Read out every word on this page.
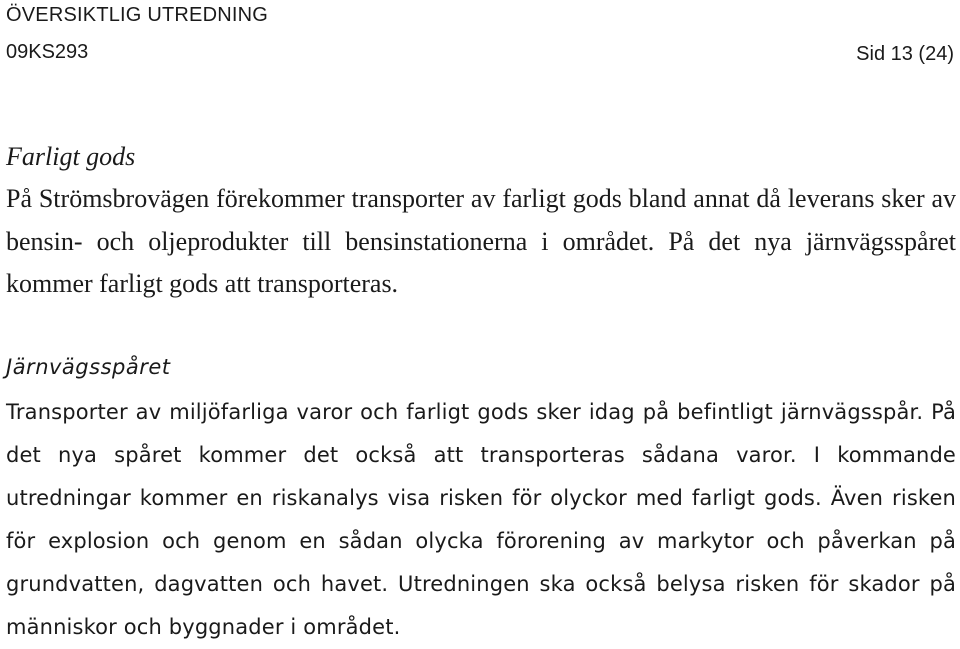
ÖVERSIKTLIG UTREDNING
09KS293	Sid 13 (24)
Farligt gods

På Strömsbrovägen förekommer transporter av farligt gods bland annat då leverans sker av bensin- och oljeprodukter till bensinstationerna i området. På det nya järnvägsspåret kommer farligt gods att transporteras.

Järnvägsspåret

Transporter av miljöfarliga varor och farligt gods sker idag på befintligt järnvägsspår. På det nya spåret kommer det också att transporteras sådana varor. I kommande utredningar kommer en riskanalys visa risken för olyckor med farligt gods. Även risken för explosion och genom en sådan olycka förorening av markytor och påverkan på grundvatten, dagvatten och havet. Utredningen ska också belysa risken för skador på människor och byggnader i området.
